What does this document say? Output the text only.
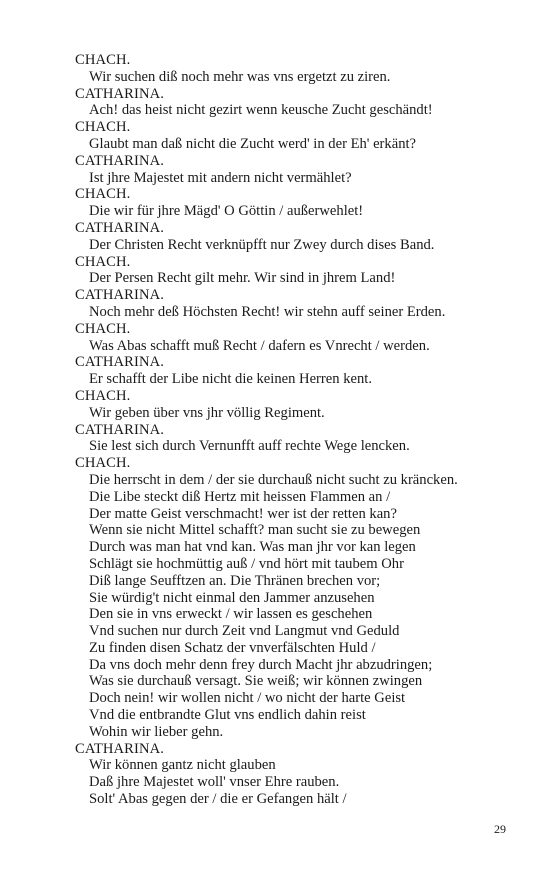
CHACH.
Wir suchen diß noch mehr was vns ergetzt zu ziren.
CATHARINA.
Ach! das heist nicht gezirt wenn keusche Zucht geschändt!
CHACH.
Glaubt man daß nicht die Zucht werd' in der Eh' erkänt?
CATHARINA.
Ist jhre Majestet mit andern nicht vermählet?
CHACH.
Die wir für jhre Mägd' O Göttin / außerwehlet!
CATHARINA.
Der Christen Recht verknüpfft nur Zwey durch dises Band.
CHACH.
Der Persen Recht gilt mehr. Wir sind in jhrem Land!
CATHARINA.
Noch mehr deß Höchsten Recht! wir stehn auff seiner Erden.
CHACH.
Was Abas schafft muß Recht / dafern es Vnrecht / werden.
CATHARINA.
Er schafft der Libe nicht die keinen Herren kent.
CHACH.
Wir geben über vns jhr völlig Regiment.
CATHARINA.
Sie lest sich durch Vernunfft auff rechte Wege lencken.
CHACH.
Die herrscht in dem / der sie durchauß nicht sucht zu kräncken.
Die Libe steckt diß Hertz mit heissen Flammen an /
Der matte Geist verschmacht! wer ist der retten kan?
Wenn sie nicht Mittel schafft? man sucht sie zu bewegen
Durch was man hat vnd kan. Was man jhr vor kan legen
Schlägt sie hochmüttig auß / vnd hört mit taubem Ohr
Diß lange Seufftzen an. Die Thränen brechen vor;
Sie würdig't nicht einmal den Jammer anzusehen
Den sie in vns erweckt / wir lassen es geschehen
Vnd suchen nur durch Zeit vnd Langmut vnd Geduld
Zu finden disen Schatz der vnverfälschten Huld /
Da vns doch mehr denn frey durch Macht jhr abzudringen;
Was sie durchauß versagt. Sie weiß; wir können zwingen
Doch nein! wir wollen nicht / wo nicht der harte Geist
Vnd die entbrandte Glut vns endlich dahin reist
Wohin wir lieber gehn.
CATHARINA.
Wir können gantz nicht glauben
Daß jhre Majestet woll' vnser Ehre rauben.
Solt' Abas gegen der / die er Gefangen hält /
29
